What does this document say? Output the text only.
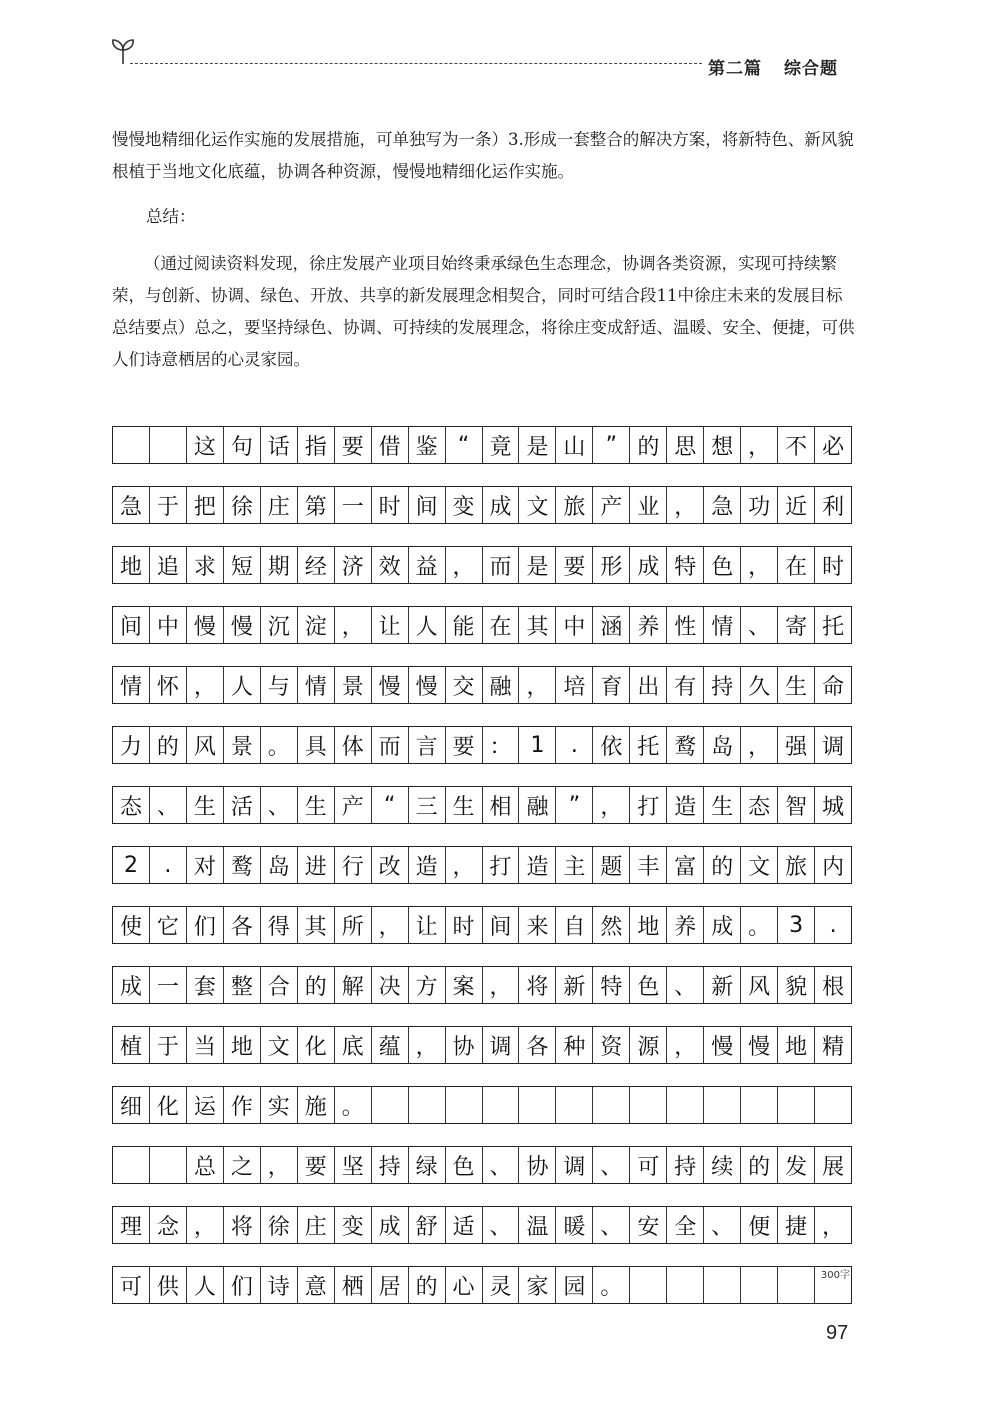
第二篇 综合题

慢慢地精细化运作实施的发展措施，可单独写为一条）3.形成一套整合的解决方案，将新特色、新风貌根植于当地文化底蕴，协调各种资源，慢慢地精细化运作实施。

总结：

（通过阅读资料发现，徐庄发展产业项目始终秉承绿色生态理念，协调各类资源，实现可持续繁荣，与创新、协调、绿色、开放、共享的新发展理念相契合，同时可结合段11中徐庄未来的发展目标总结要点）总之，要坚持绿色、协调、可持续的发展理念，将徐庄变成舒适、温暖、安全、便捷，可供人们诗意栖居的心灵家园。

这 句 话 指 要 借 鉴 “ 竟 是 山 ” 的 思 想 ， 不 必
急 于 把 徐 庄 第 一 时 间 变 成 文 旅 产 业 ， 急 功 近 利
地 追 求 短 期 经 济 效 益 ， 而 是 要 形 成 特 色 ， 在 时
间 中 慢 慢 沉 淀 ， 让 人 能 在 其 中 涵 养 性 情 、 寄 托
情 怀 ， 人 与 情 景 慢 慢 交 融 ， 培 育 出 有 持 久 生 命
力 的 风 景 。 具 体 而 言 要 ： 1	.	依 托 鹜 岛 ， 强 调
态 、 生 活 、 生 产 “ 三 生 相 融 ” ， 打 造 生 态 智 城
2	.	对 鹜 岛 进 行 改 造 ， 打 造 主 题 丰 富 的 文 旅 内
使 它 们 各 得 其 所 ， 让 时 间 来 自 然 地 养 成 。 3	.
成 一 套 整 合 的 解 决 方 案 ， 将 新 特 色 、 新 风 貌 根
植 于 当 地 文 化 底 蕴 ， 协 调 各 种 资 源 ， 慢 慢 地 精
细 化 运 作 实 施 。
总 之 ， 要 坚 持 绿 色 、 协 调 、 可 持 续 的 发 展
理 念 ， 将 徐 庄 变 成 舒 适 、 温 暖 、 安 全 、 便 捷 ，
可 供 人 们 诗 意 栖 居 的 心 灵 家 园 。	300字
97
